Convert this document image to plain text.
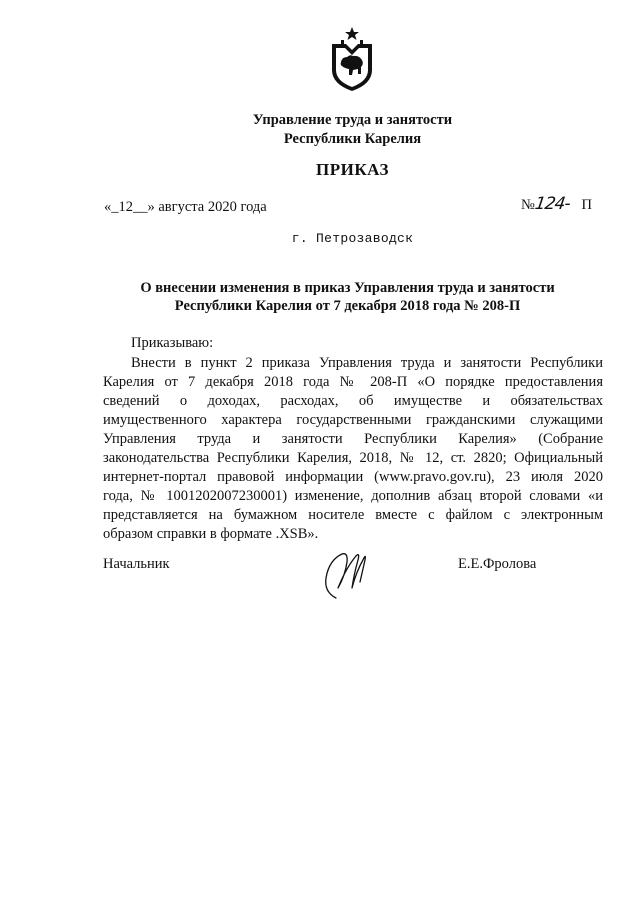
Управление труда и занятости
Республики Карелия
ПРИКАЗ
«_12__» августа 2020 года	№124- П
г. Петрозаводск
О внесении изменения в приказ Управления труда и занятости
Республики Карелия от 7 декабря 2018 года № 208-П
Приказываю:
Внести в пункт 2 приказа Управления труда и занятости Республики
Карелия от 7 декабря 2018 года № 208-П «О порядке предоставления
сведений о доходах, расходах, об имуществе и обязательствах
имущественного характера государственными гражданскими служащими
Управления труда и занятости Республики Карелия» (Собрание
законодательства Республики Карелия, 2018, № 12, ст. 2820; Официальный
интернет-портал правовой информации (www.pravo.gov.ru), 23 июля 2020
года, № 1001202007230001) изменение, дополнив абзац второй словами «и
представляется на бумажном носителе вместе с файлом с электронным
образом справки в формате .XSB».
Начальник	Е.Е.Фролова
